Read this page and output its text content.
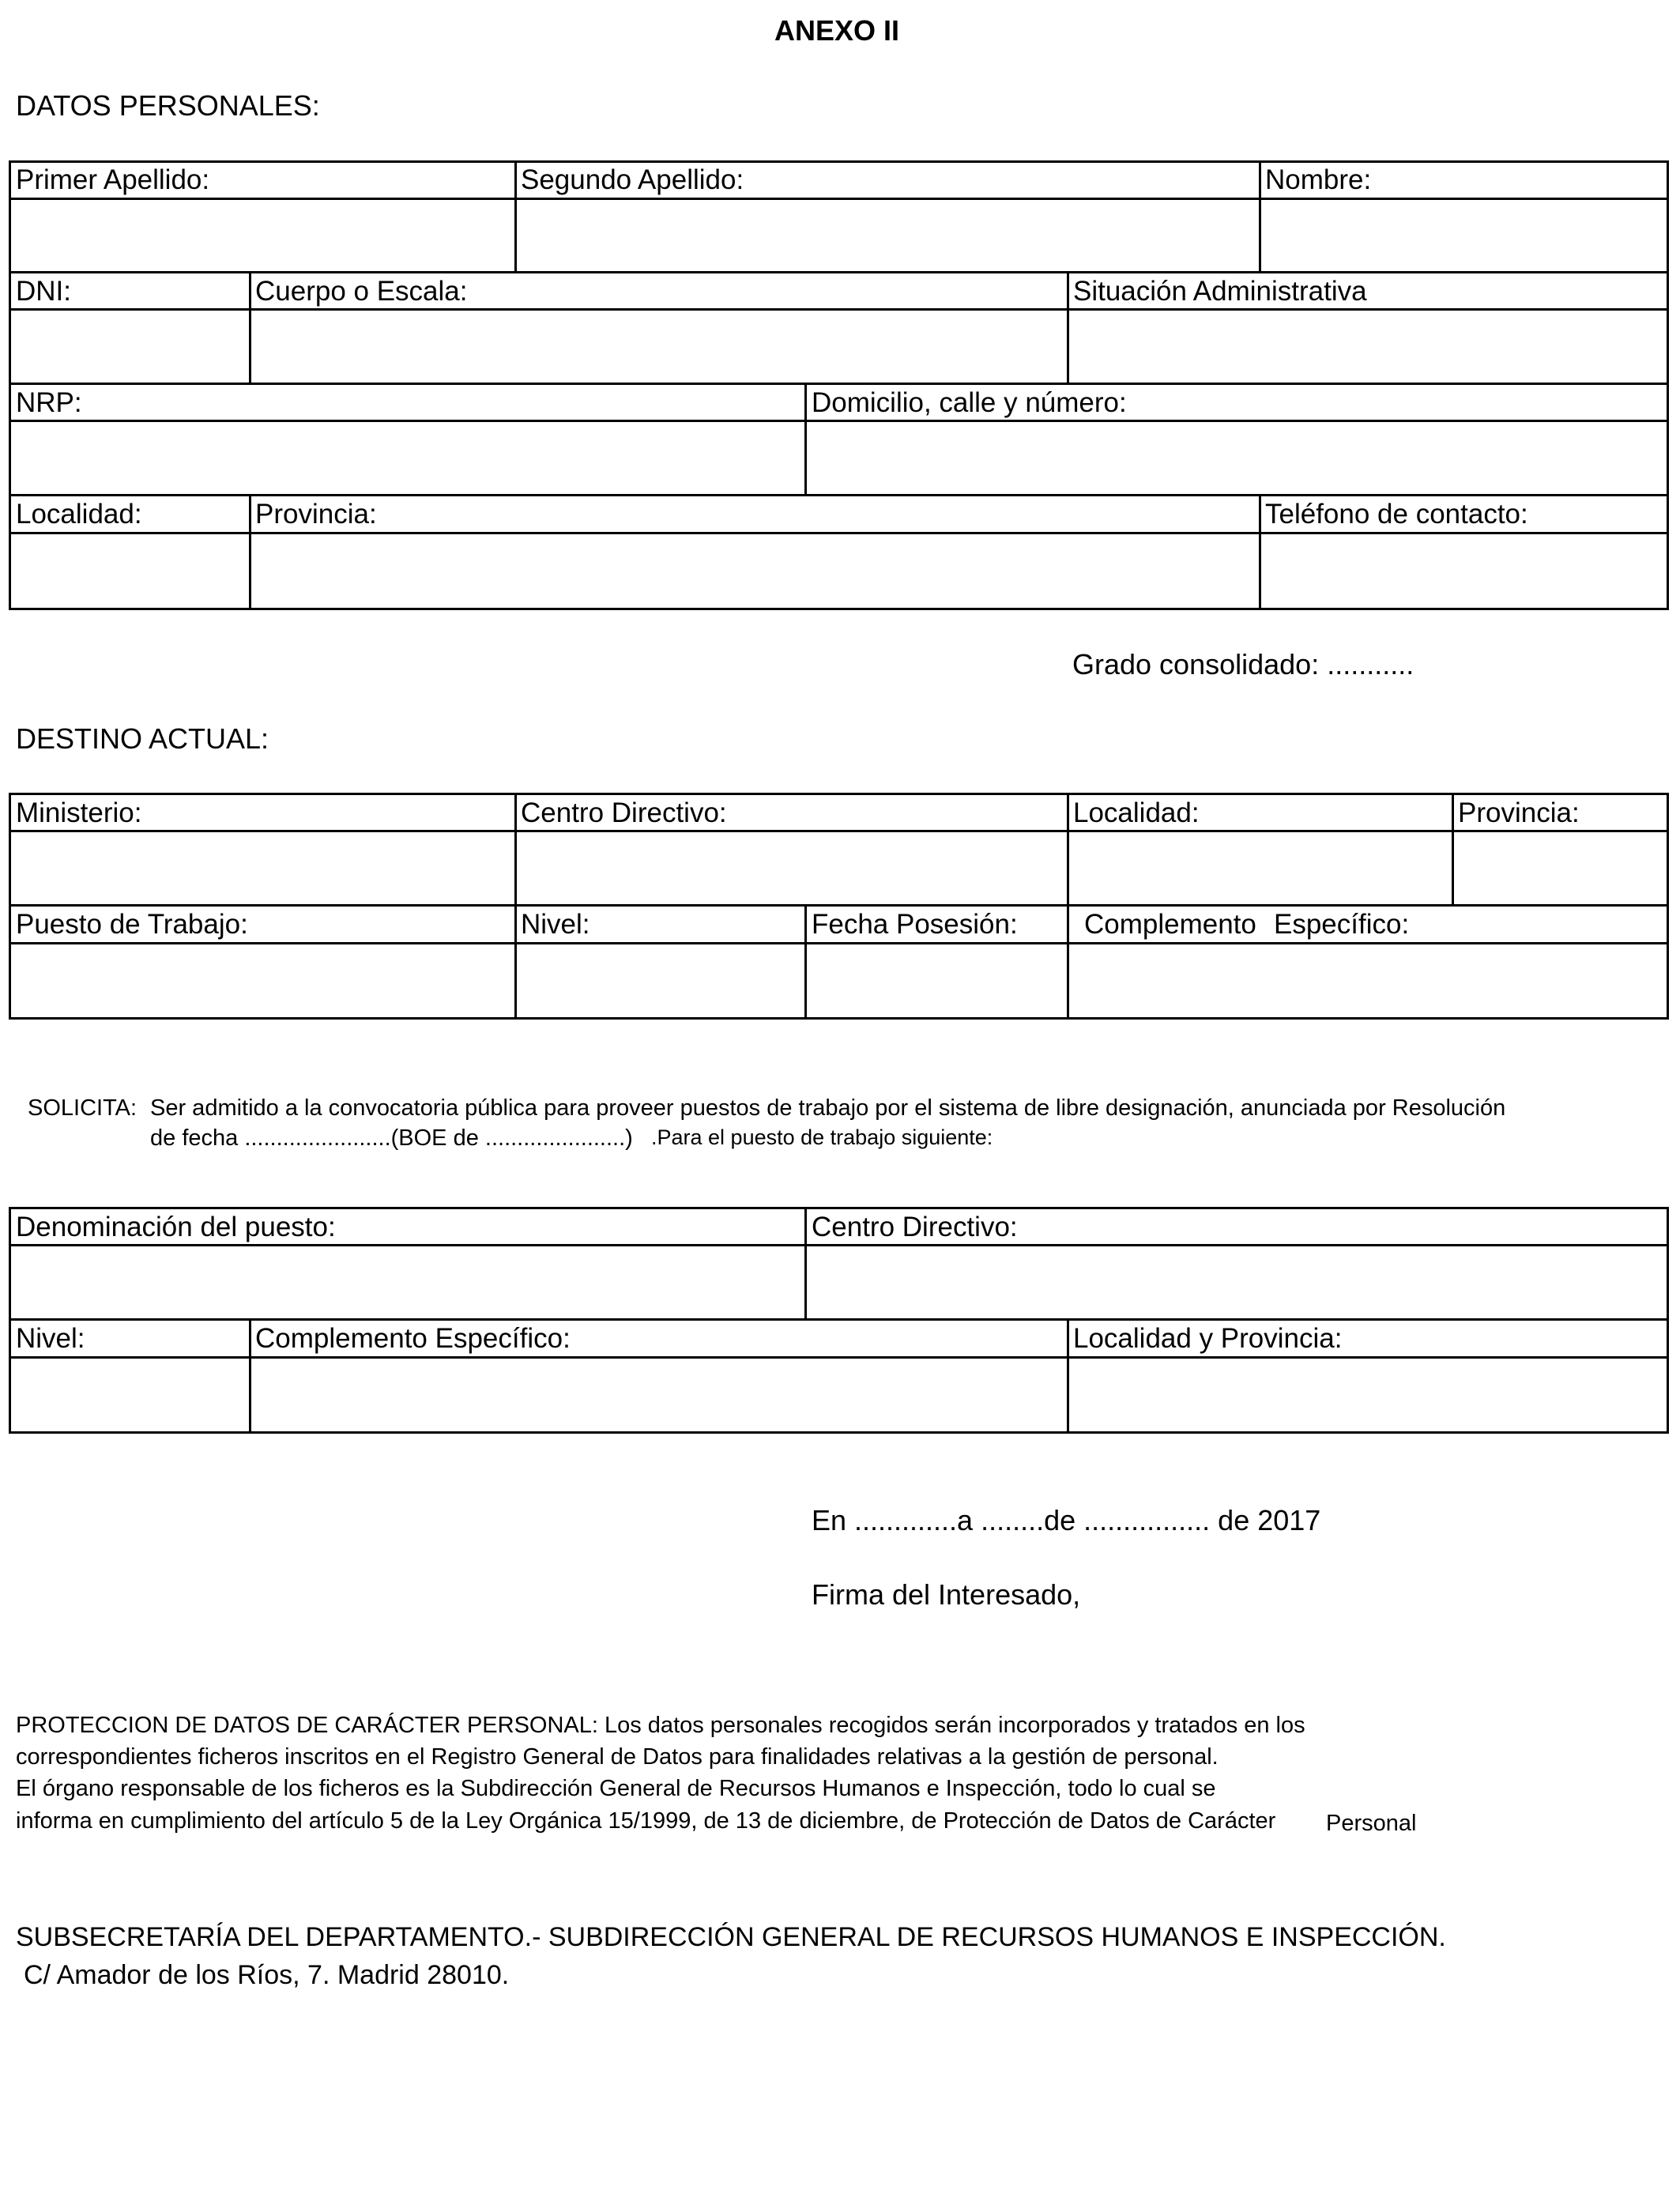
ANEXO II
DATOS PERSONALES:
Primer Apellido:	Segundo Apellido:	Nombre:
DNI:	Cuerpo o Escala:	Situación Administrativa
NRP:	Domicilio, calle y número:
Localidad:	Provincia:	Teléfono de contacto:
Grado consolidado: ...........
DESTINO ACTUAL:
Ministerio:	Centro Directivo:	Localidad:	Provincia:
Puesto de Trabajo:	Nivel:	Fecha Posesión: Complemento Específico:
SOLICITA: Ser admitido a la convocatoria pública para proveer puestos de trabajo por el sistema de libre designación, anunciada por Resolución
de fecha .......................(BOE de ......................) .Para el puesto de trabajo siguiente:
Denominación del puesto:	Centro Directivo:
Nivel:	Complemento Específico:	Localidad y Provincia:
En .............a ........de ................ de 2017
Firma del Interesado,
PROTECCION DE DATOS DE CARÁCTER PERSONAL: Los datos personales recogidos serán incorporados y tratados en los
correspondientes ficheros inscritos en el Registro General de Datos para finalidades relativas a la gestión de personal.
El órgano responsable de los ficheros es la Subdirección General de Recursos Humanos e Inspección, todo lo cual se
informa en cumplimiento del artículo 5 de la Ley Orgánica 15/1999, de 13 de diciembre, de Protección de Datos de Carácter Personal
SUBSECRETARÍA DEL DEPARTAMENTO.- SUBDIRECCIÓN GENERAL DE RECURSOS HUMANOS E INSPECCIÓN.
C/ Amador de los Ríos, 7. Madrid 28010.
